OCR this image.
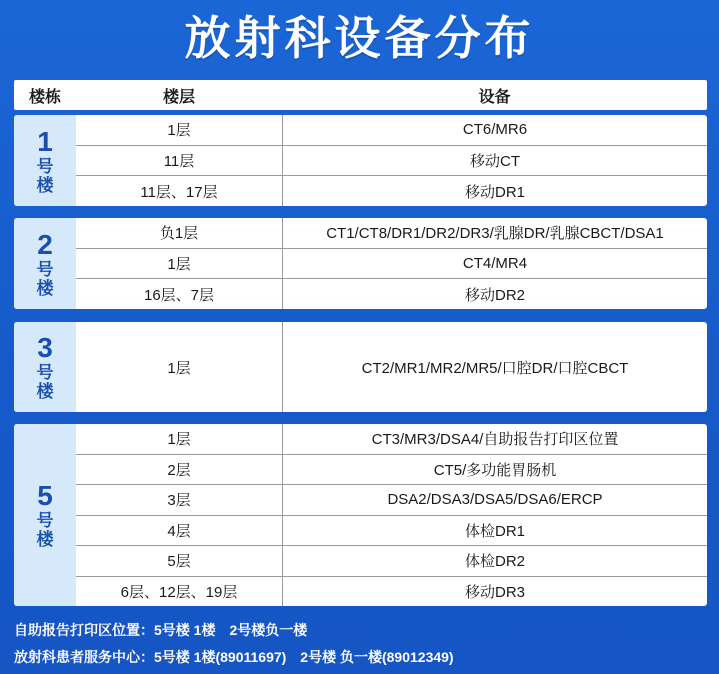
放射科设备分布
楼栋	楼层	设备
1
号
楼
1层	CT6/MR6
11层	移动CT
11层、17层	移动DR1
2
号
楼
负1层	CT1/CT8/DR1/DR2/DR3/乳腺DR/乳腺CBCT/DSA1
1层	CT4/MR4
16层、7层	移动DR2
3
号
楼
1层	CT2/MR1/MR2/MR5/口腔DR/口腔CBCT
5
号
楼
1层	CT3/MR3/DSA4/自助报告打印区位置
2层	CT5/多功能胃肠机
3层	DSA2/DSA3/DSA5/DSA6/ERCP
4层	体检DR1
5层	体检DR2
6层、12层、19层	移动DR3
自助报告打印区位置：5号楼 1楼　2号楼负一楼
放射科患者服务中心：5号楼 1楼(89011697)　2号楼 负一楼(89012349)
